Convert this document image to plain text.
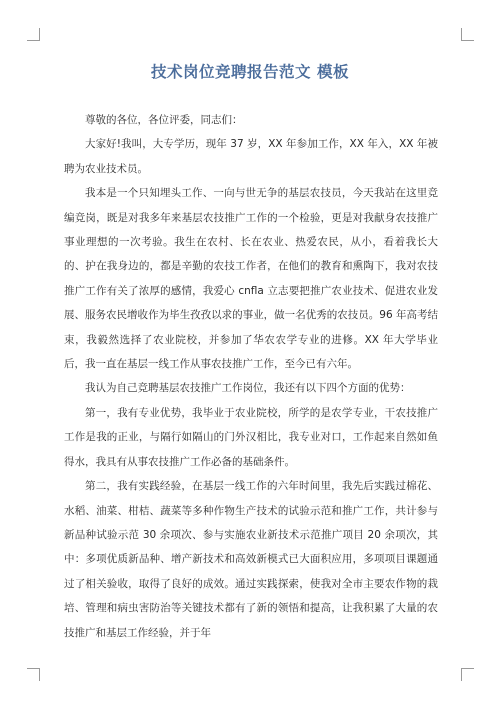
技术岗位竞聘报告范文 模板

尊敬的各位，各位评委，同志们：

大家好!我叫，大专学历，现年 37 岁，XX 年参加工作，XX 年入，XX 年被聘为农业技术员。

我本是一个只知埋头工作、一向与世无争的基层农技员，今天我站在这里竞编竞岗，既是对我多年来基层农技推广工作的一个检验，更是对我献身农技推广事业理想的一次考验。我生在农村、长在农业、热爱农民，从小，看着我长大的、护在我身边的，都是辛勤的农技工作者，在他们的教育和熏陶下，我对农技推广工作有关了浓厚的感情，我爱心 cnfla 立志要把推广农业技术、促进农业发展、服务农民增收作为毕生孜孜以求的事业，做一名优秀的农技员。96 年高考结束，我毅然选择了农业院校，并参加了华农农学专业的进修。XX 年大学毕业后，我一直在基层一线工作从事农技推广工作，至今已有六年。

我认为自己竞聘基层农技推广工作岗位，我还有以下四个方面的优势：

第一，我有专业优势，我毕业于农业院校，所学的是农学专业，干农技推广工作是我的正业，与隔行如隔山的门外汉相比，我专业对口，工作起来自然如鱼得水，我具有从事农技推广工作必备的基础条件。

第二，我有实践经验，在基层一线工作的六年时间里，我先后实践过棉花、水稻、油菜、柑桔、蔬菜等多种作物生产技术的试验示范和推广工作，共计参与新品种试验示范 30 余项次、参与实施农业新技术示范推广项目 20 余项次，其中：多项优质新品种、增产新技术和高效新模式已大面积应用，多项项目课题通过了相关验收，取得了良好的成效。通过实践探索，使我对全市主要农作物的栽培、管理和病虫害防治等关键技术都有了新的领悟和提高，让我积累了大量的农技推广和基层工作经验，并于年
